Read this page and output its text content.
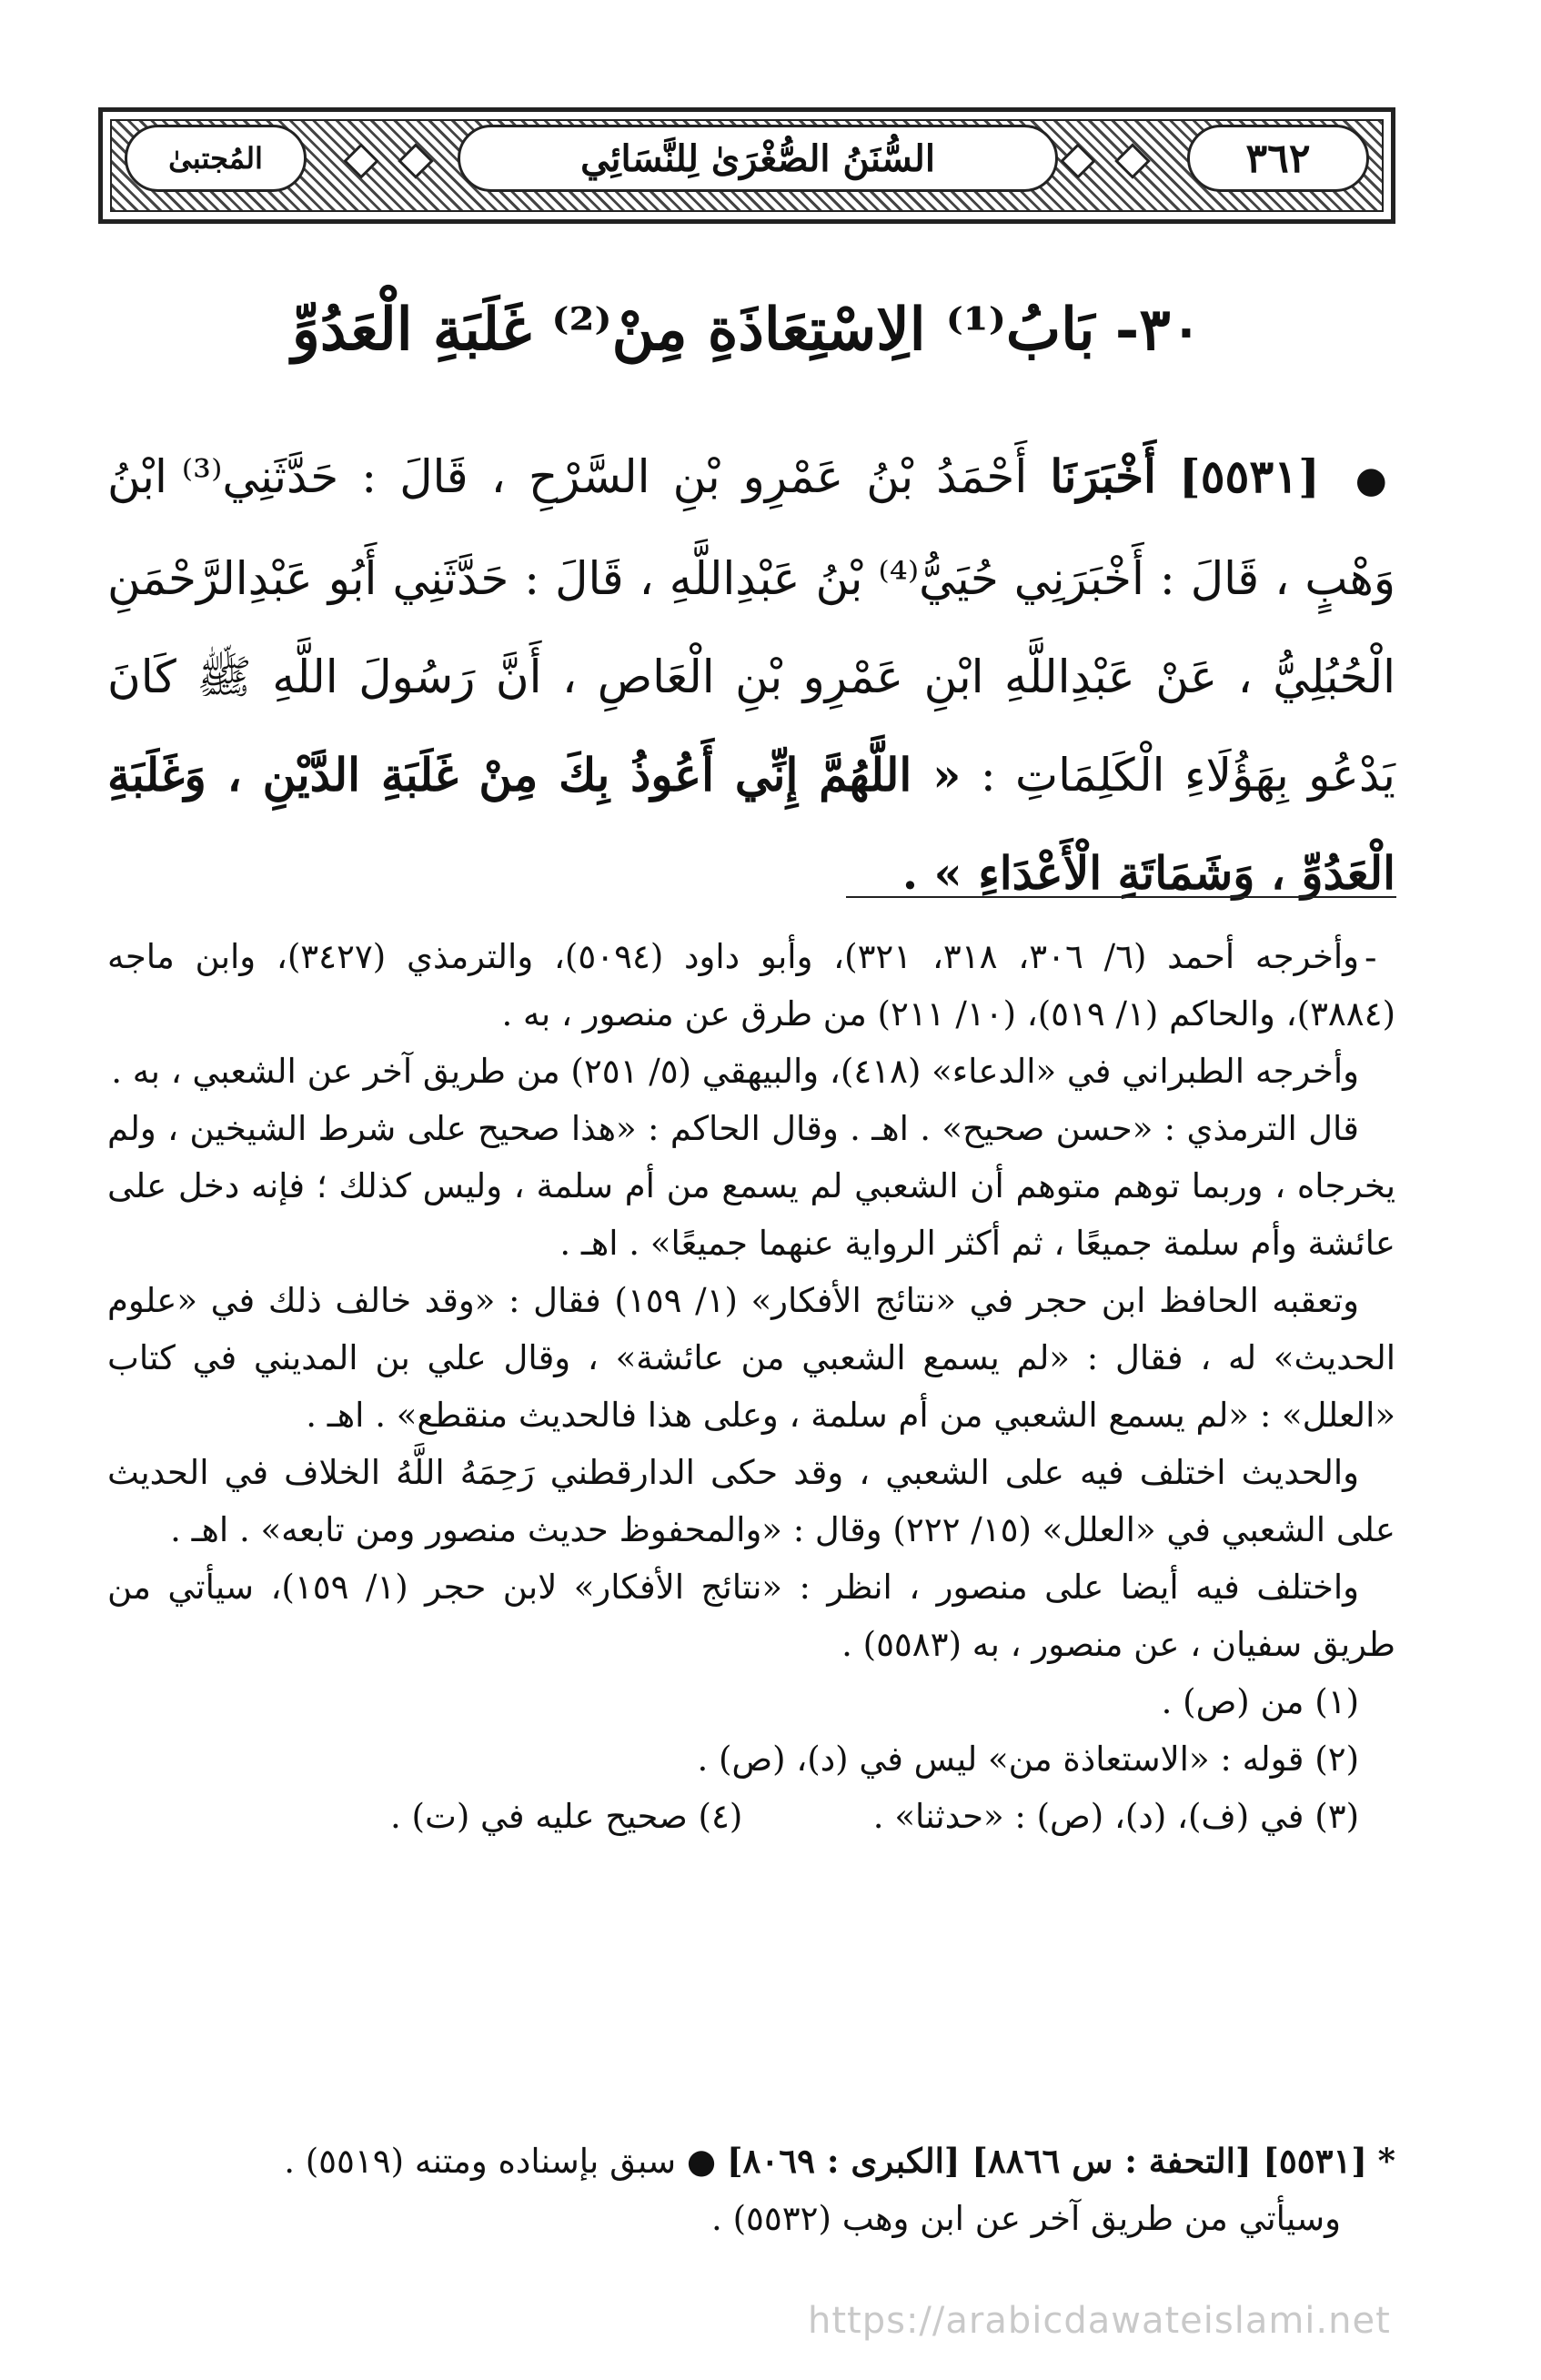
٣٦٢
السُّنَنُ الصُّغْرَىٰ لِلنَّسَائِي
المُجتبىٰ
٣٠- بَابُ⁽¹⁾ الِاسْتِعَاذَةِ مِنْ⁽²⁾ غَلَبَةِ الْعَدُوِّ
● [٥٥٣١] أَخْبَرَنَا أَحْمَدُ بْنُ عَمْرِو بْنِ السَّرْحِ ، قَالَ : حَدَّثَنِي⁽³⁾ ابْنُ وَهْبٍ ، قَالَ : أَخْبَرَنِي حُيَيُّ⁽⁴⁾ بْنُ عَبْدِاللَّهِ ، قَالَ : حَدَّثَنِي أَبُو عَبْدِالرَّحْمَنِ الْحُبُلِيُّ ، عَنْ عَبْدِاللَّهِ ابْنِ عَمْرِو بْنِ الْعَاصِ ، أَنَّ رَسُولَ اللَّهِ ﷺ كَانَ يَدْعُو بِهَؤُلَاءِ الْكَلِمَاتِ : « اللَّهُمَّ إِنِّي أَعُوذُ بِكَ مِنْ غَلَبَةِ الدَّيْنِ ، وَغَلَبَةِ الْعَدُوِّ ، وَشَمَاتَةِ الْأَعْدَاءِ » .
-

وأخرجه أحمد (٦/ ٣٠٦، ٣١٨، ٣٢١)، وأبو داود (٥٠٩٤)، والترمذي (٣٤٢٧)، وابن ماجه (٣٨٨٤)، والحاكم (١/ ٥١٩)، (١٠/ ٢١١) من طرق عن منصور ، به .

وأخرجه الطبراني في «الدعاء» (٤١٨)، والبيهقي (٥/ ٢٥١) من طريق آخر عن الشعبي ، به .

قال الترمذي : «حسن صحيح» . اهـ . وقال الحاكم : «هذا صحيح على شرط الشيخين ، ولم يخرجاه ، وربما توهم متوهم أن الشعبي لم يسمع من أم سلمة ، وليس كذلك ؛ فإنه دخل على عائشة وأم سلمة جميعًا ، ثم أكثر الرواية عنهما جميعًا» . اهـ .

وتعقبه الحافظ ابن حجر في «نتائج الأفكار» (١/ ١٥٩) فقال : «وقد خالف ذلك في «علوم الحديث» له ، فقال : «لم يسمع الشعبي من عائشة» ، وقال علي بن المديني في كتاب «العلل» : «لم يسمع الشعبي من أم سلمة ، وعلى هذا فالحديث منقطع» . اهـ .

والحديث اختلف فيه على الشعبي ، وقد حكى الدارقطني رَحِمَهُ اللَّهُ الخلاف في الحديث على الشعبي في «العلل» (١٥/ ٢٢٢) وقال : «والمحفوظ حديث منصور ومن تابعه» . اهـ .

واختلف فيه أيضا على منصور ، انظر : «نتائج الأفكار» لابن حجر (١/ ١٥٩)، سيأتي من طريق سفيان ، عن منصور ، به (٥٥٨٣) .

(١) من (ص) .

(٢) قوله : «الاستعاذة من» ليس في (د)، (ص) .

(٣) في (ف)، (د)، (ص) : «حدثنا» .  (٤) صحيح عليه في (ت) .

* [٥٥٣١] [التحفة : س ٨٨٦٦] [الكبرى : ٨٠٦٩] ● سبق بإسناده ومتنه (٥٥١٩) .

وسيأتي من طريق آخر عن ابن وهب (٥٥٣٢) .

https://arabicdawateislami.net
